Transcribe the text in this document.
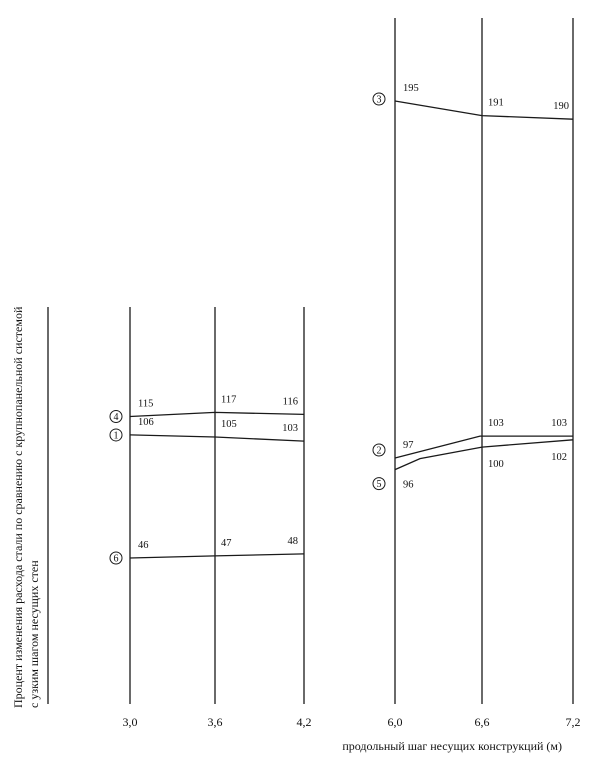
115	117	116
106	105	103
46	47	48
195
191	190
97
103	103
96
100
102
4
1
6
3
2
5
3,0	3,6	4,2	6,0	6,6	7,2
продольный шаг несущих конструкций (м)
Процент изменения расхода стали по сравнению с крупнопанельной системой с узким шагом несущих стен
